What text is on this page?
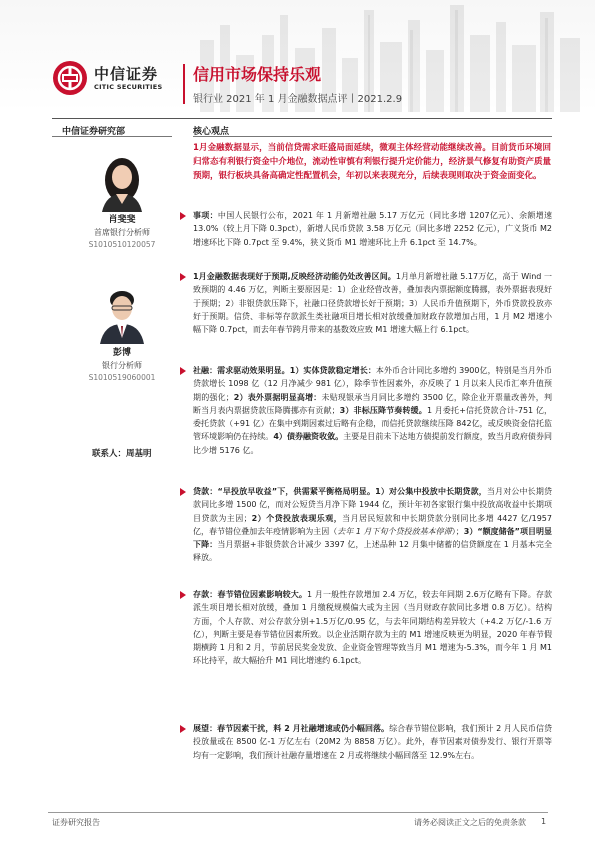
中信证券
CITIC SECURITIES
信用市场保持乐观
银行业 2021 年 1 月金融数据点评丨2021.2.9
中信证券研究部	核心观点
肖斐斐
首席银行分析师
S1010510120057
彭博
银行分析师
S1010519060001
联系人：周基明
1月金融数据显示，当前信贷需求旺盛局面延续，微观主体经营动能继续改善。目前货币环境回归常态有利银行资金中介地位，流动性审慎有利银行提升定价能力，经济景气修复有助资产质量预期，银行板块具备高确定性配置机会，年初以来表现充分，后续表现则取决于资金面变化。
事项：中国人民银行公布，2021 年 1 月新增社融 5.17 万亿元（同比多增 1207亿元）、余额增速 13.0%（较上月下降 0.3pct），新增人民币贷款 3.58 万亿元（同比多增 2252 亿元），广义货币 M2 增速环比下降 0.7pct 至 9.4%，狭义货币 M1 增速环比上升 6.1pct 至 14.7%。
1月金融数据表现好于预期,反映经济动能仍处改善区间。1月单月新增社融 5.17万亿，高于 Wind 一致预期的 4.46 万亿，判断主要原因是：1）企业经营改善，叠加表内票据额度腾挪，表外票据表现好于预期；2）非银贷款压降下，社融口径贷款增长好于预期；3）人民币升值预期下，外币贷款投放亦好于预期。信贷、非标等存款派生类社融项目增长相对放缓叠加财政存款增加占用，1 月 M2 增速小幅下降 0.7pct，而去年春节跨月带来的基数效应致 M1 增速大幅上行 6.1pct。
社融：需求驱动效果明显。1）实体贷款稳定增长：本外币合计同比多增约 3900亿，特别是当月外币贷款增长 1098 亿（12 月净减少 981 亿），除季节性因素外，亦反映了 1 月以来人民币汇率升值预期的强化；2）表外票据明显高增：未贴现银承当月同比多增约 3500 亿，除企业开票量改善外，判断当月表内票据贷款压降腾挪亦有贡献；3）非标压降节奏转缓。1 月委托+信托贷款合计-751 亿，委托贷款（+91 亿）在集中到期因素过后略有企稳，而信托贷款继续压降 842亿，或反映资金信托监管环境影响仍在持续。4）债券融资收敛。主要是目前未下达地方债提前发行额度，致当月政府债券同比少增 5176 亿。
贷款：“早投放早收益”下，供需紧平衡格局明显。1）对公集中投放中长期贷款，当月对公中长期贷款同比多增 1500 亿，而对公短贷当月净下降 1944 亿，预计年初各家银行集中投放高收益中长期项目贷款为主因；2）个贷投放表现乐观，当月居民短款和中长期贷款分别同比多增 4427 亿/1957 亿，春节错位叠加去年疫情影响为主因（去年 1 月下旬个贷投放基本停滞）；3）“额度储备”项目明显下降：当月票据+非银贷款合计减少 3397 亿，上述品种 12 月集中储蓄的信贷额度在 1 月基本完全释放。
存款：春节错位因素影响较大。1 月一般性存款增加 2.4 万亿，较去年同期 2.6万亿略有下降。存款派生项目增长相对放缓，叠加 1 月缴税规模偏大或为主因（当月财政存款同比多增 0.8 万亿）。结构方面，个人存款、对公存款分别+1.5万亿/0.95 亿，与去年同期结构差异较大（+4.2 万亿/-1.6 万亿），判断主要是春节错位因素所致。以企业活期存款为主的 M1 增速反映更为明显，2020 年春节假期横跨 1 月和 2 月，节前居民奖金发放、企业资金管理等致当月 M1 增速为-5.3%，而今年 1 月 M1 环比持平，故大幅抬升 M1 同比增速约 6.1pct。
展望：春节因素干扰，料 2 月社融增速或仍小幅回落。综合春节错位影响，我们预计 2 月人民币信贷投放量或在 8500 亿-1 万亿左右（20M2 为 8858 万亿）。此外，春节因素对债券发行、银行开票等均有一定影响，我们预计社融存量增速在 2 月或将继续小幅回落至 12.9%左右。
证券研究报告	请务必阅读正文之后的免责条款 1
